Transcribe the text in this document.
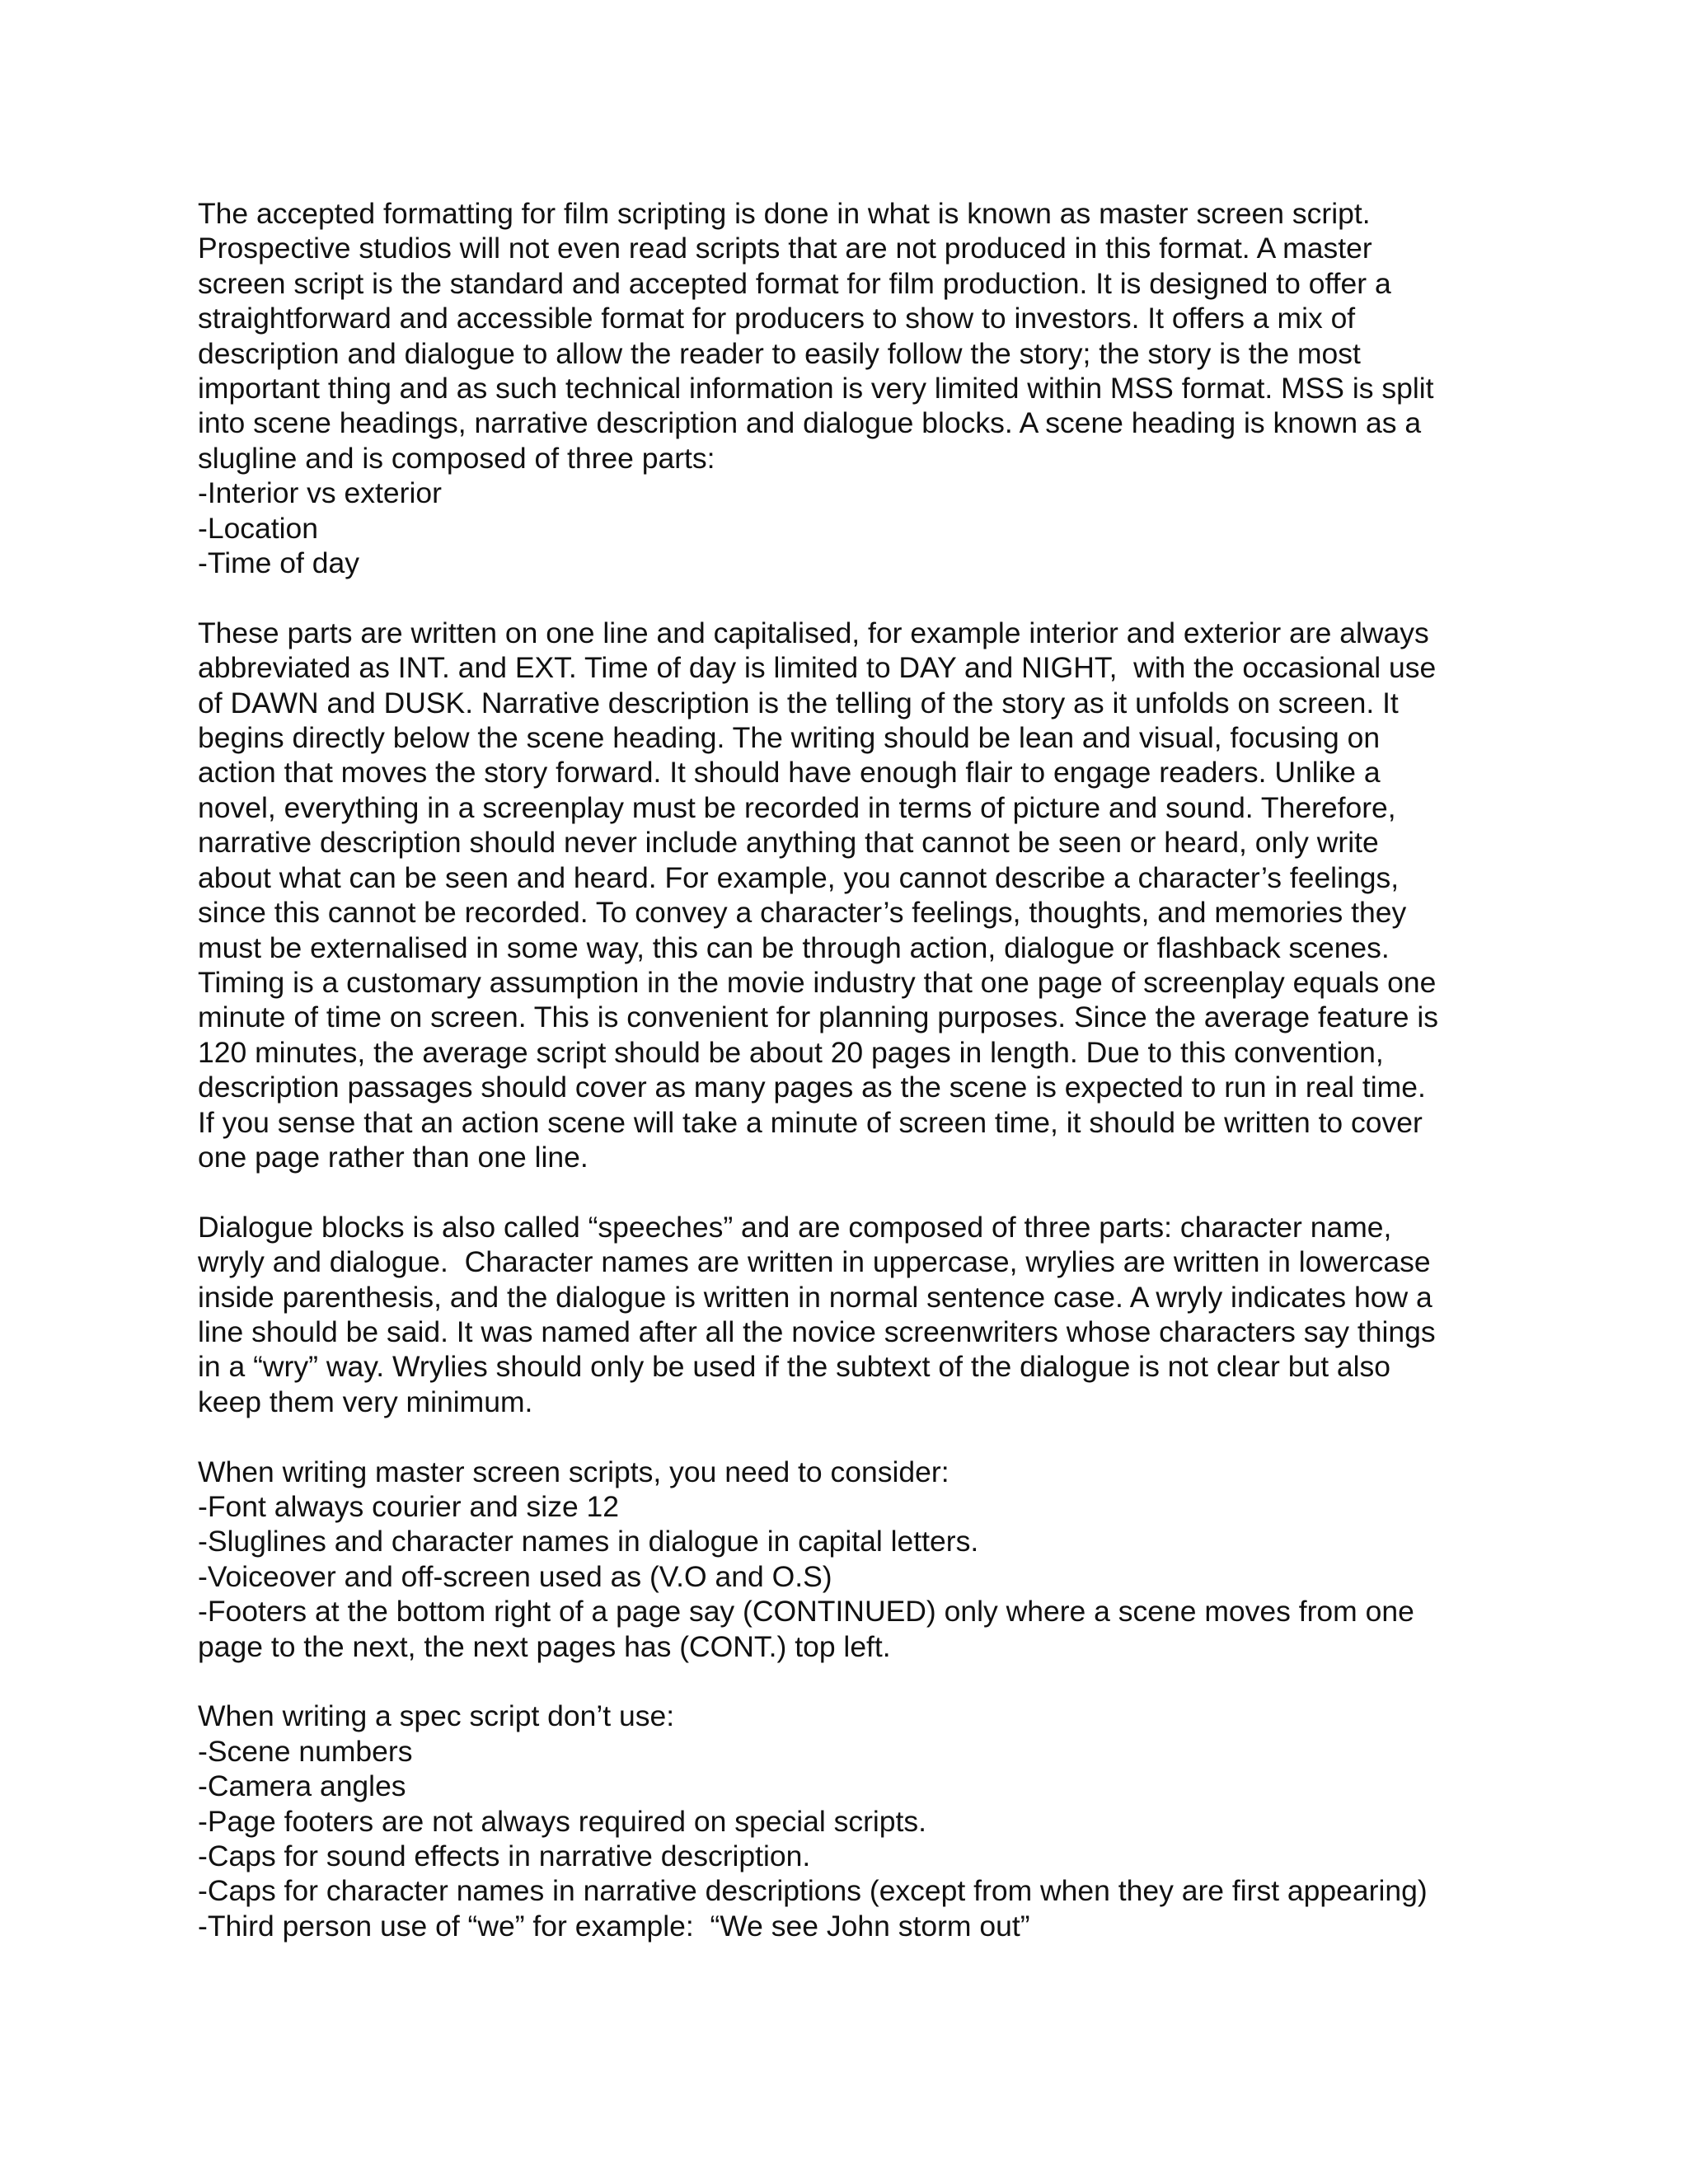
The accepted formatting for film scripting is done in what is known as master screen script.
Prospective studios will not even read scripts that are not produced in this format. A master
screen script is the standard and accepted format for film production. It is designed to offer a
straightforward and accessible format for producers to show to investors. It offers a mix of
description and dialogue to allow the reader to easily follow the story; the story is the most
important thing and as such technical information is very limited within MSS format. MSS is split
into scene headings, narrative description and dialogue blocks. A scene heading is known as a
slugline and is composed of three parts:
-Interior vs exterior
-Location
-Time of day
These parts are written on one line and capitalised, for example interior and exterior are always
abbreviated as INT. and EXT. Time of day is limited to DAY and NIGHT,  with the occasional use
of DAWN and DUSK. Narrative description is the telling of the story as it unfolds on screen. It
begins directly below the scene heading. The writing should be lean and visual, focusing on
action that moves the story forward. It should have enough flair to engage readers. Unlike a
novel, everything in a screenplay must be recorded in terms of picture and sound. Therefore,
narrative description should never include anything that cannot be seen or heard, only write
about what can be seen and heard. For example, you cannot describe a character’s feelings,
since this cannot be recorded. To convey a character’s feelings, thoughts, and memories they
must be externalised in some way, this can be through action, dialogue or flashback scenes.
Timing is a customary assumption in the movie industry that one page of screenplay equals one
minute of time on screen. This is convenient for planning purposes. Since the average feature is
120 minutes, the average script should be about 20 pages in length. Due to this convention,
description passages should cover as many pages as the scene is expected to run in real time.
If you sense that an action scene will take a minute of screen time, it should be written to cover
one page rather than one line.
Dialogue blocks is also called “speeches” and are composed of three parts: character name,
wryly and dialogue.  Character names are written in uppercase, wrylies are written in lowercase
inside parenthesis, and the dialogue is written in normal sentence case. A wryly indicates how a
line should be said. It was named after all the novice screenwriters whose characters say things
in a “wry” way. Wrylies should only be used if the subtext of the dialogue is not clear but also
keep them very minimum.
When writing master screen scripts, you need to consider:
-Font always courier and size 12
-Sluglines and character names in dialogue in capital letters.
-Voiceover and off-screen used as (V.O and O.S)
-Footers at the bottom right of a page say (CONTINUED) only where a scene moves from one
page to the next, the next pages has (CONT.) top left.
When writing a spec script don’t use:
-Scene numbers
-Camera angles
-Page footers are not always required on special scripts.
-Caps for sound effects in narrative description.
-Caps for character names in narrative descriptions (except from when they are first appearing)
-Third person use of “we” for example:  “We see John storm out”
